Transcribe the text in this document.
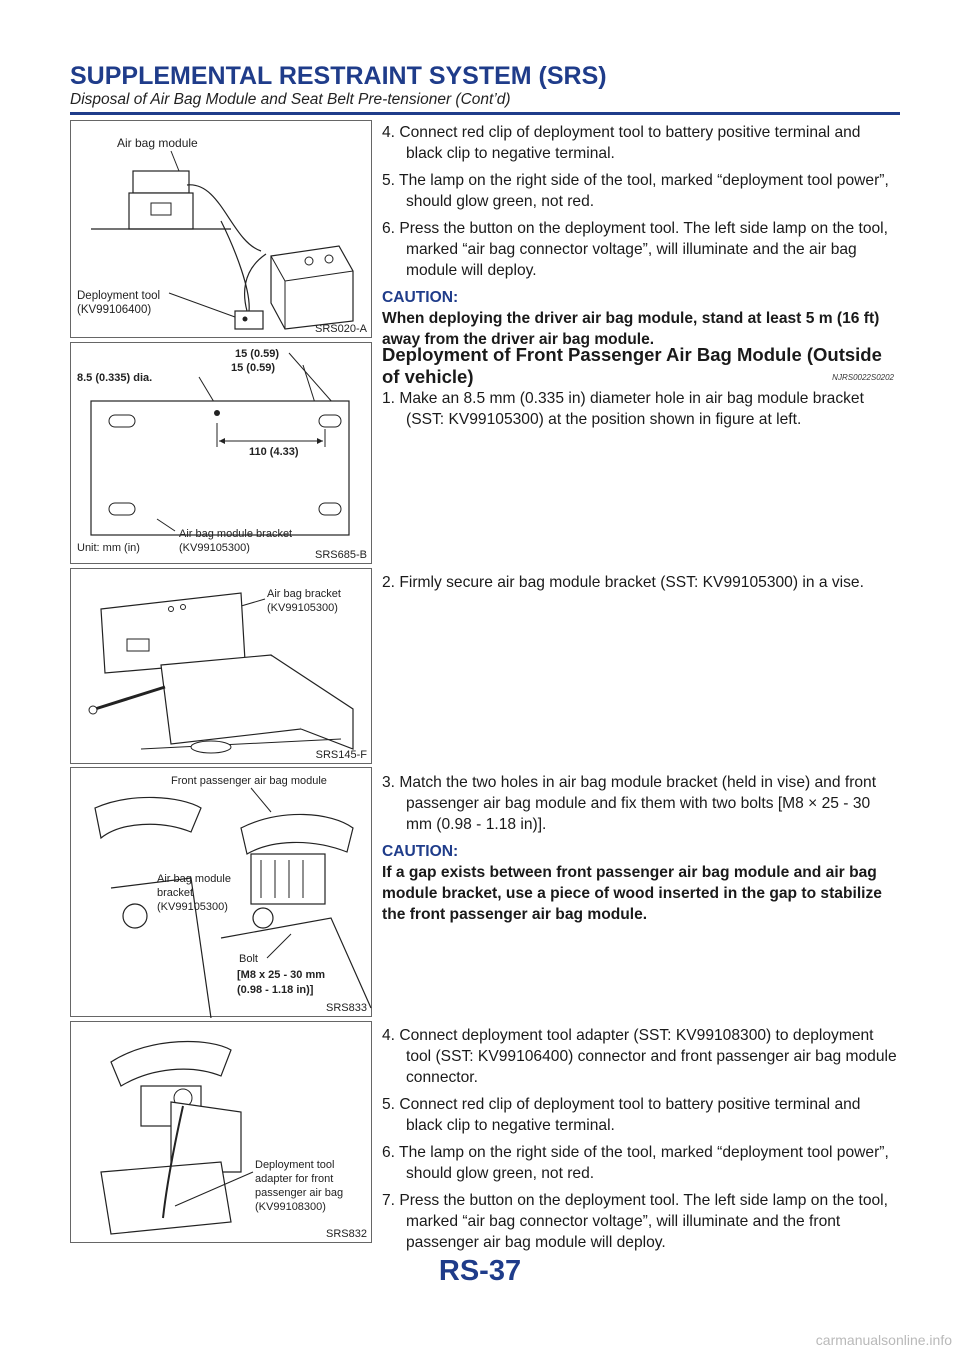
SUPPLEMENTAL RESTRAINT SYSTEM (SRS)
Disposal of Air Bag Module and Seat Belt Pre-tensioner (Cont’d)
Air bag module
Deployment tool
(KV99106400)
SRS020-A
15 (0.59)
15 (0.59)
8.5 (0.335) dia.
110 (4.33)
Air bag module bracket
(KV99105300)
Unit: mm (in)
SRS685-B
Air bag bracket
(KV99105300)
SRS145-F
Front passenger air bag module
Air bag module
bracket
(KV99105300)
Bolt
[M8 x 25 - 30 mm
(0.98 - 1.18 in)]
SRS833
Deployment tool
adapter for front
passenger air bag
(KV99108300)
SRS832
4. Connect red clip of deployment tool to battery positive terminal and black clip to negative terminal.
5. The lamp on the right side of the tool, marked “deployment tool power”, should glow green, not red.
6. Press the button on the deployment tool. The left side lamp on the tool, marked “air bag connector voltage”, will illuminate and the air bag module will deploy.
CAUTION:
When deploying the driver air bag module, stand at least 5 m (16 ft) away from the driver air bag module.
Deployment of Front Passenger Air Bag Module (Outside of vehicle)	NJRS0022S0202
1. Make an 8.5 mm (0.335 in) diameter hole in air bag module bracket (SST: KV99105300) at the position shown in figure at left.
2. Firmly secure air bag module bracket (SST: KV99105300) in a vise.
3. Match the two holes in air bag module bracket (held in vise) and front passenger air bag module and fix them with two bolts [M8 × 25 - 30 mm (0.98 - 1.18 in)].
CAUTION:
If a gap exists between front passenger air bag module and air bag module bracket, use a piece of wood inserted in the gap to stabilize the front passenger air bag module.
4. Connect deployment tool adapter (SST: KV99108300) to deployment tool (SST: KV99106400) connector and front passenger air bag module connector.
5. Connect red clip of deployment tool to battery positive terminal and black clip to negative terminal.
6. The lamp on the right side of the tool, marked “deployment tool power”, should glow green, not red.
7. Press the button on the deployment tool. The left side lamp on the tool, marked “air bag connector voltage”, will illuminate and the front passenger air bag module will deploy.
RS-37
carmanualsonline.info
